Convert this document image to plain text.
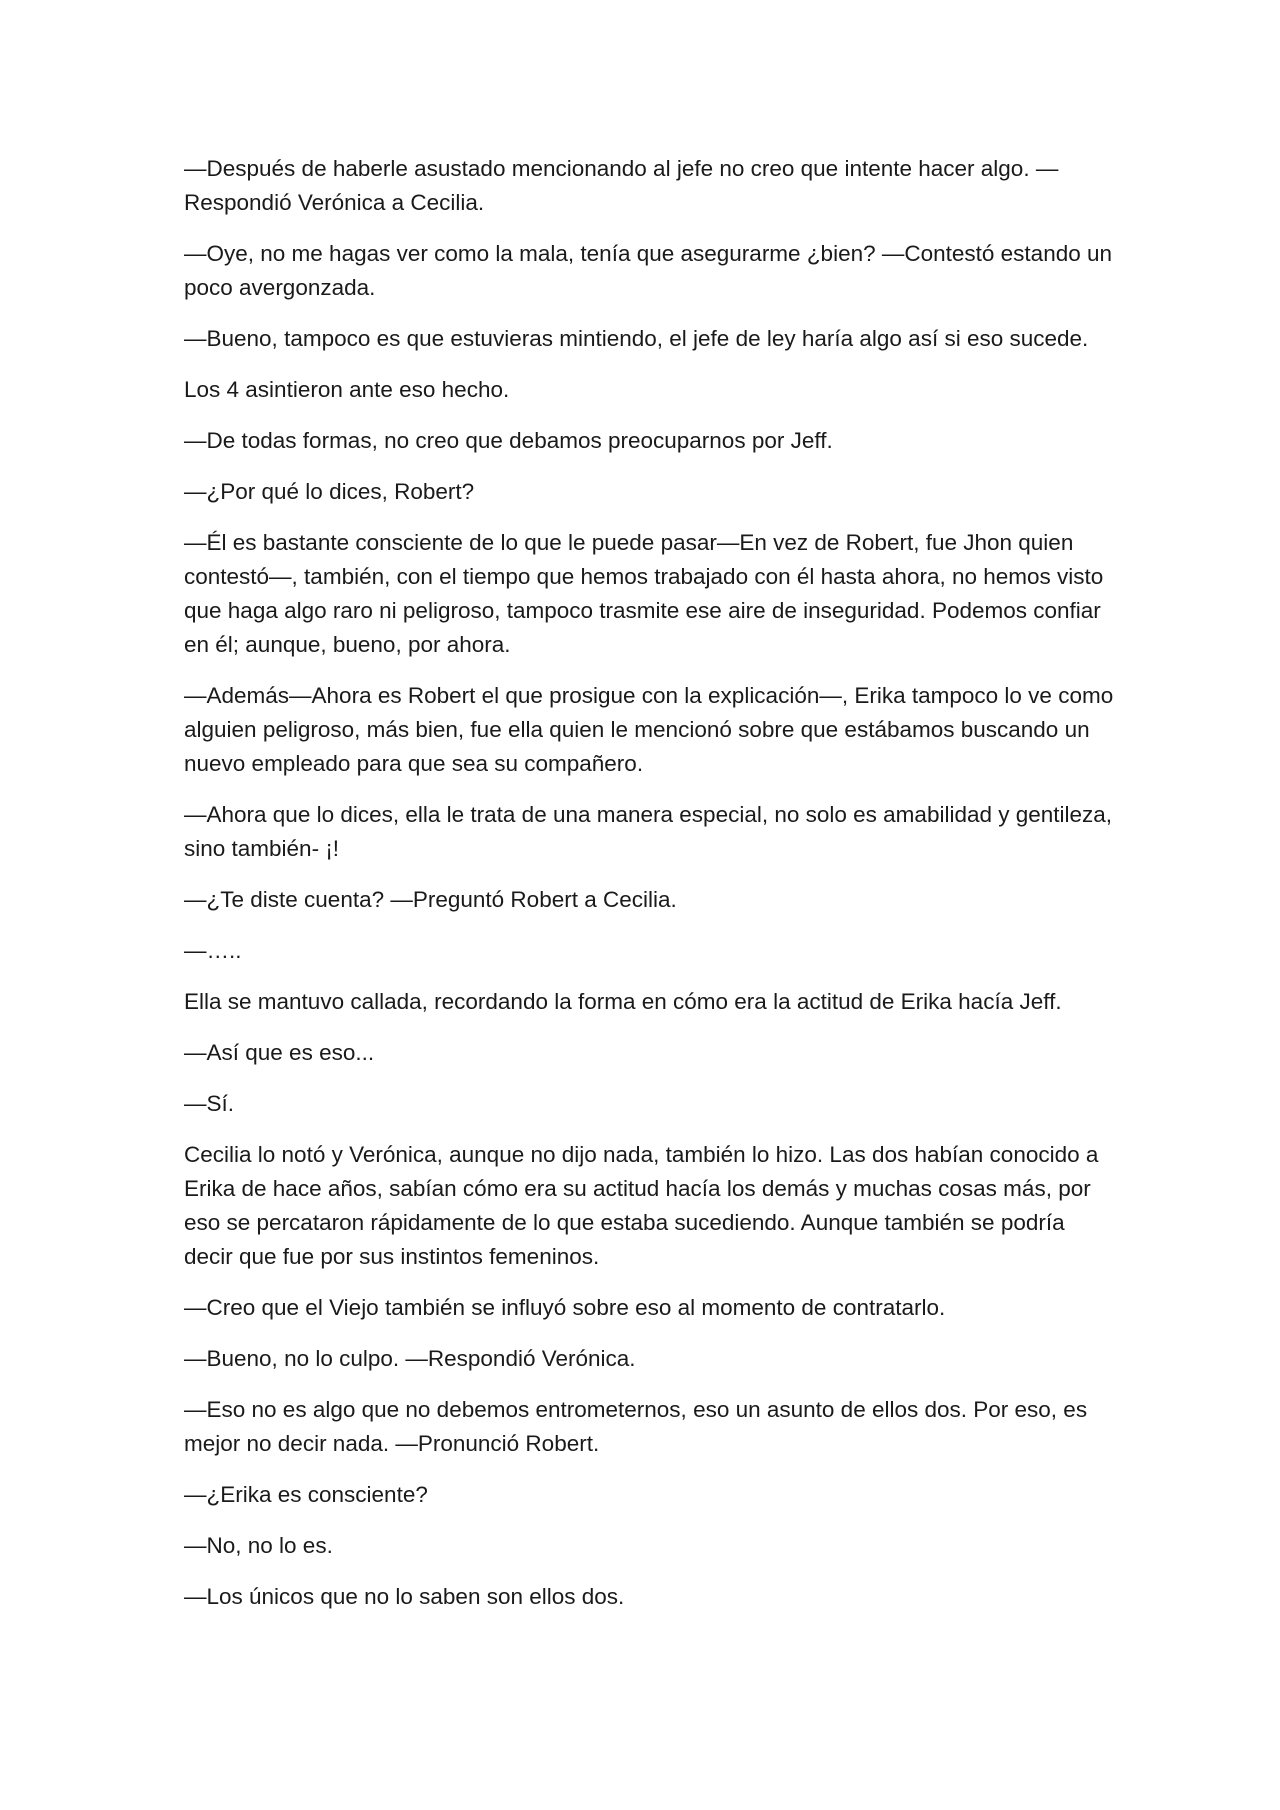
—Después de haberle asustado mencionando al jefe no creo que intente hacer algo. —Respondió Verónica a Cecilia.

—Oye, no me hagas ver como la mala, tenía que asegurarme ¿bien? —Contestó estando un poco avergonzada.

—Bueno, tampoco es que estuvieras mintiendo, el jefe de ley haría algo así si eso sucede.

Los 4 asintieron ante eso hecho.

—De todas formas, no creo que debamos preocuparnos por Jeff.

—¿Por qué lo dices, Robert?

—Él es bastante consciente de lo que le puede pasar—En vez de Robert, fue Jhon quien contestó—, también, con el tiempo que hemos trabajado con él hasta ahora, no hemos visto que haga algo raro ni peligroso, tampoco trasmite ese aire de inseguridad. Podemos confiar en él; aunque, bueno, por ahora.

—Además—Ahora es Robert el que prosigue con la explicación—, Erika tampoco lo ve como alguien peligroso, más bien, fue ella quien le mencionó sobre que estábamos buscando un nuevo empleado para que sea su compañero.

—Ahora que lo dices, ella le trata de una manera especial, no solo es amabilidad y gentileza, sino también- ¡!

—¿Te diste cuenta? —Preguntó Robert a Cecilia.

—…..

Ella se mantuvo callada, recordando la forma en cómo era la actitud de Erika hacía Jeff.

—Así que es eso...

—Sí.

Cecilia lo notó y Verónica, aunque no dijo nada, también lo hizo. Las dos habían conocido a Erika de hace años, sabían cómo era su actitud hacía los demás y muchas cosas más, por eso se percataron rápidamente de lo que estaba sucediendo. Aunque también se podría decir que fue por sus instintos femeninos.

—Creo que el Viejo también se influyó sobre eso al momento de contratarlo.

—Bueno, no lo culpo. —Respondió Verónica.

—Eso no es algo que no debemos entrometernos, eso un asunto de ellos dos. Por eso, es mejor no decir nada. —Pronunció Robert.

—¿Erika es consciente?

—No, no lo es.

—Los únicos que no lo saben son ellos dos.
